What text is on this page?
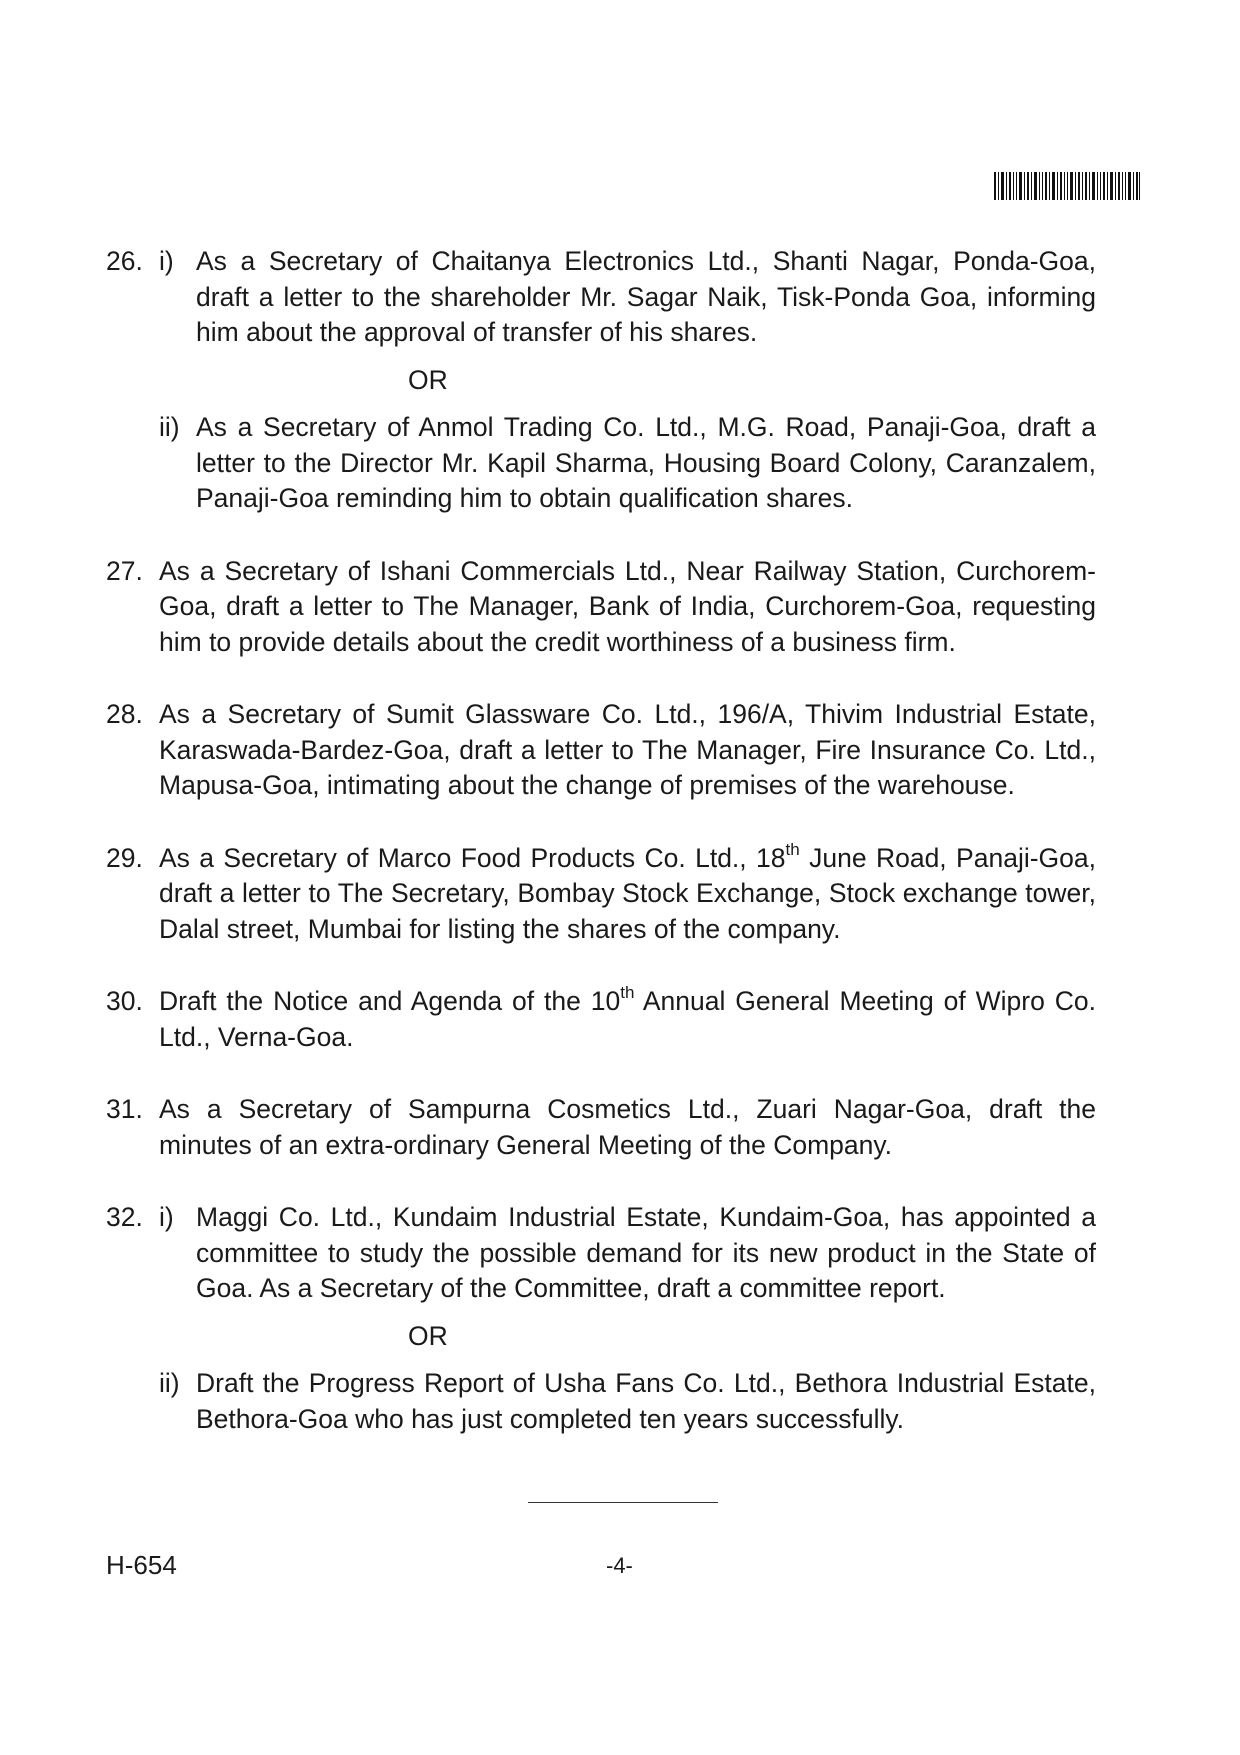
26. i) As a Secretary of Chaitanya Electronics Ltd., Shanti Nagar, Ponda-Goa, draft a letter to the shareholder Mr. Sagar Naik, Tisk-Ponda Goa, informing him about the approval of transfer of his shares.
OR
ii) As a Secretary of Anmol Trading Co. Ltd., M.G. Road, Panaji-Goa, draft a letter to the Director Mr. Kapil Sharma, Housing Board Colony, Caranzalem, Panaji-Goa reminding him to obtain qualification shares.
27. As a Secretary of Ishani Commercials Ltd., Near Railway Station, Curchorem-Goa, draft a letter to The Manager, Bank of India, Curchorem-Goa, requesting him to provide details about the credit worthiness of a business firm.
28. As a Secretary of Sumit Glassware Co. Ltd., 196/A, Thivim Industrial Estate, Karaswada-Bardez-Goa, draft a letter to The Manager, Fire Insurance Co. Ltd., Mapusa-Goa, intimating about the change of premises of the warehouse.
29. As a Secretary of Marco Food Products Co. Ltd., 18th June Road, Panaji-Goa, draft a letter to The Secretary, Bombay Stock Exchange, Stock exchange tower, Dalal street, Mumbai for listing the shares of the company.
30. Draft the Notice and Agenda of the 10th Annual General Meeting of Wipro Co. Ltd., Verna-Goa.
31. As a Secretary of Sampurna Cosmetics Ltd., Zuari Nagar-Goa, draft the minutes of an extra-ordinary General Meeting of the Company.
32. i) Maggi Co. Ltd., Kundaim Industrial Estate, Kundaim-Goa, has appointed a committee to study the possible demand for its new product in the State of Goa. As a Secretary of the Committee, draft a committee report.
OR
ii) Draft the Progress Report of Usha Fans Co. Ltd., Bethora Industrial Estate, Bethora-Goa who has just completed ten years successfully.
H-654	-4-
